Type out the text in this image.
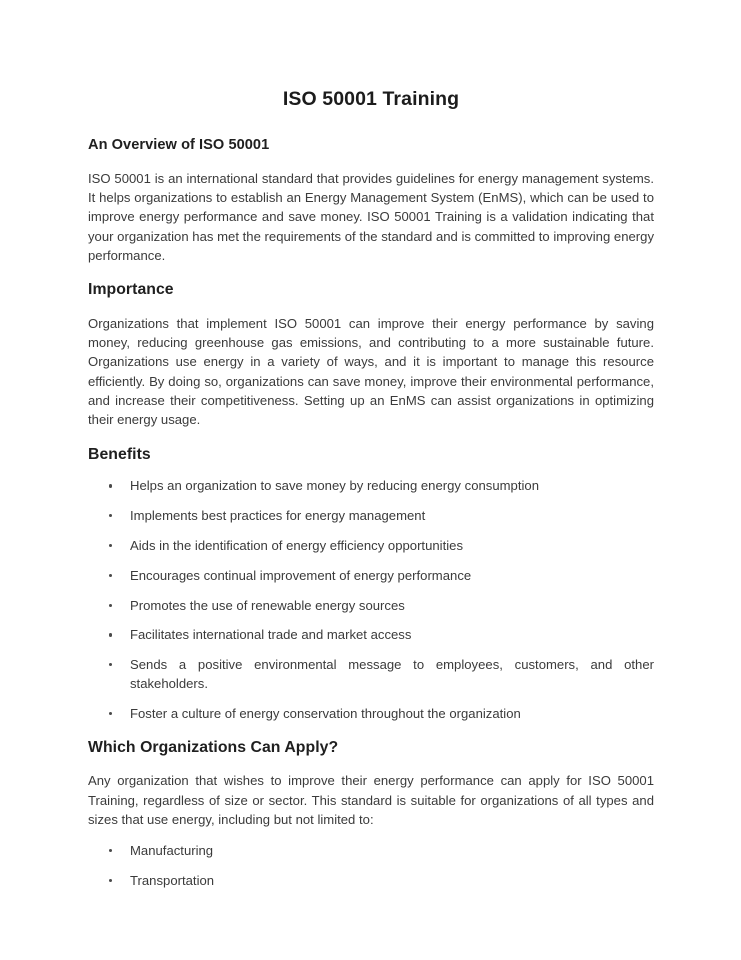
ISO 50001 Training
An Overview of ISO 50001

ISO 50001 is an international standard that provides guidelines for energy management systems. It helps organizations to establish an Energy Management System (EnMS), which can be used to improve energy performance and save money. ISO 50001 Training is a validation indicating that your organization has met the requirements of the standard and is committed to improving energy performance.

Importance

Organizations that implement ISO 50001 can improve their energy performance by saving money, reducing greenhouse gas emissions, and contributing to a more sustainable future. Organizations use energy in a variety of ways, and it is important to manage this resource efficiently. By doing so, organizations can save money, improve their environmental performance, and increase their competitiveness. Setting up an EnMS can assist organizations in optimizing their energy usage.

Benefits
Helps an organization to save money by reducing energy consumption
Implements best practices for energy management
Aids in the identification of energy efficiency opportunities
Encourages continual improvement of energy performance
Promotes the use of renewable energy sources
Facilitates international trade and market access
Sends a positive environmental message to employees, customers, and other stakeholders.
Foster a culture of energy conservation throughout the organization
Which Organizations Can Apply?

Any organization that wishes to improve their energy performance can apply for ISO 50001 Training, regardless of size or sector. This standard is suitable for organizations of all types and sizes that use energy, including but not limited to:

Manufacturing
Transportation
